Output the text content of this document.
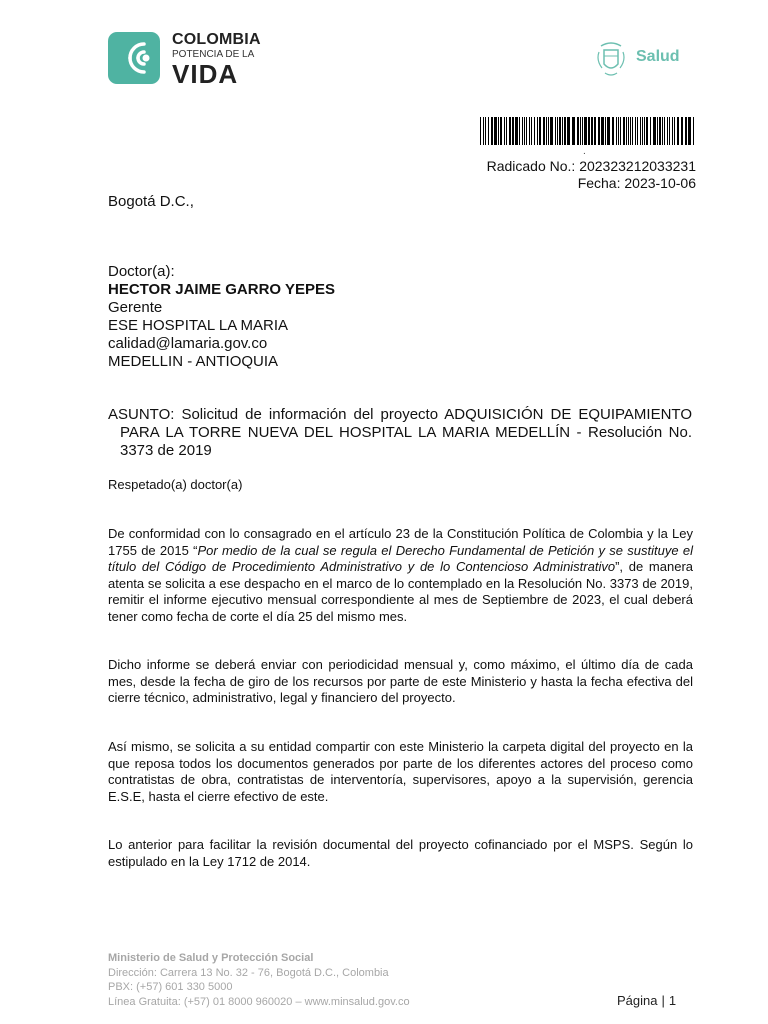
COLOMBIA
POTENCIA DE LA
VIDA
Salud
.
Radicado No.: 202323212033231
Fecha: 2023-10-06
Bogotá D.C.,
Doctor(a):
HECTOR JAIME GARRO YEPES
Gerente
ESE HOSPITAL LA MARIA
calidad@lamaria.gov.co
MEDELLIN - ANTIOQUIA
ASUNTO: Solicitud de información del proyecto ADQUISICIÓN DE EQUIPAMIENTO
PARA LA TORRE NUEVA DEL HOSPITAL LA MARIA MEDELLÍN - Resolución No.
3373 de 2019
Respetado(a) doctor(a)
De conformidad con lo consagrado en el artículo 23 de la Constitución Política de Colombia y la Ley 1755 de 2015 “Por medio de la cual se regula el Derecho Fundamental de Petición y se sustituye el título del Código de Procedimiento Administrativo y de lo Contencioso Administrativo”, de manera atenta se solicita a ese despacho en el marco de lo contemplado en la Resolución No. 3373 de 2019, remitir el informe ejecutivo mensual correspondiente al mes de Septiembre de 2023, el cual deberá tener como fecha de corte el día 25 del mismo mes.
Dicho informe se deberá enviar con periodicidad mensual y, como máximo, el último día de cada mes, desde la fecha de giro de los recursos por parte de este Ministerio y hasta la fecha efectiva del cierre técnico, administrativo, legal y financiero del proyecto.
Así mismo, se solicita a su entidad compartir con este Ministerio la carpeta digital del proyecto en la que reposa todos los documentos generados por parte de los diferentes actores del proceso como contratistas de obra, contratistas de interventoría, supervisores, apoyo a la supervisión, gerencia E.S.E, hasta el cierre efectivo de este.
Lo anterior para facilitar la revisión documental del proyecto cofinanciado por el MSPS. Según lo estipulado en la Ley 1712 de 2014.
Ministerio de Salud y Protección Social
Dirección: Carrera 13 No. 32 - 76, Bogotá D.C., Colombia
PBX: (+57) 601 330 5000
Línea Gratuita: (+57) 01 8000 960020 – www.minsalud.gov.co	Página | 1
